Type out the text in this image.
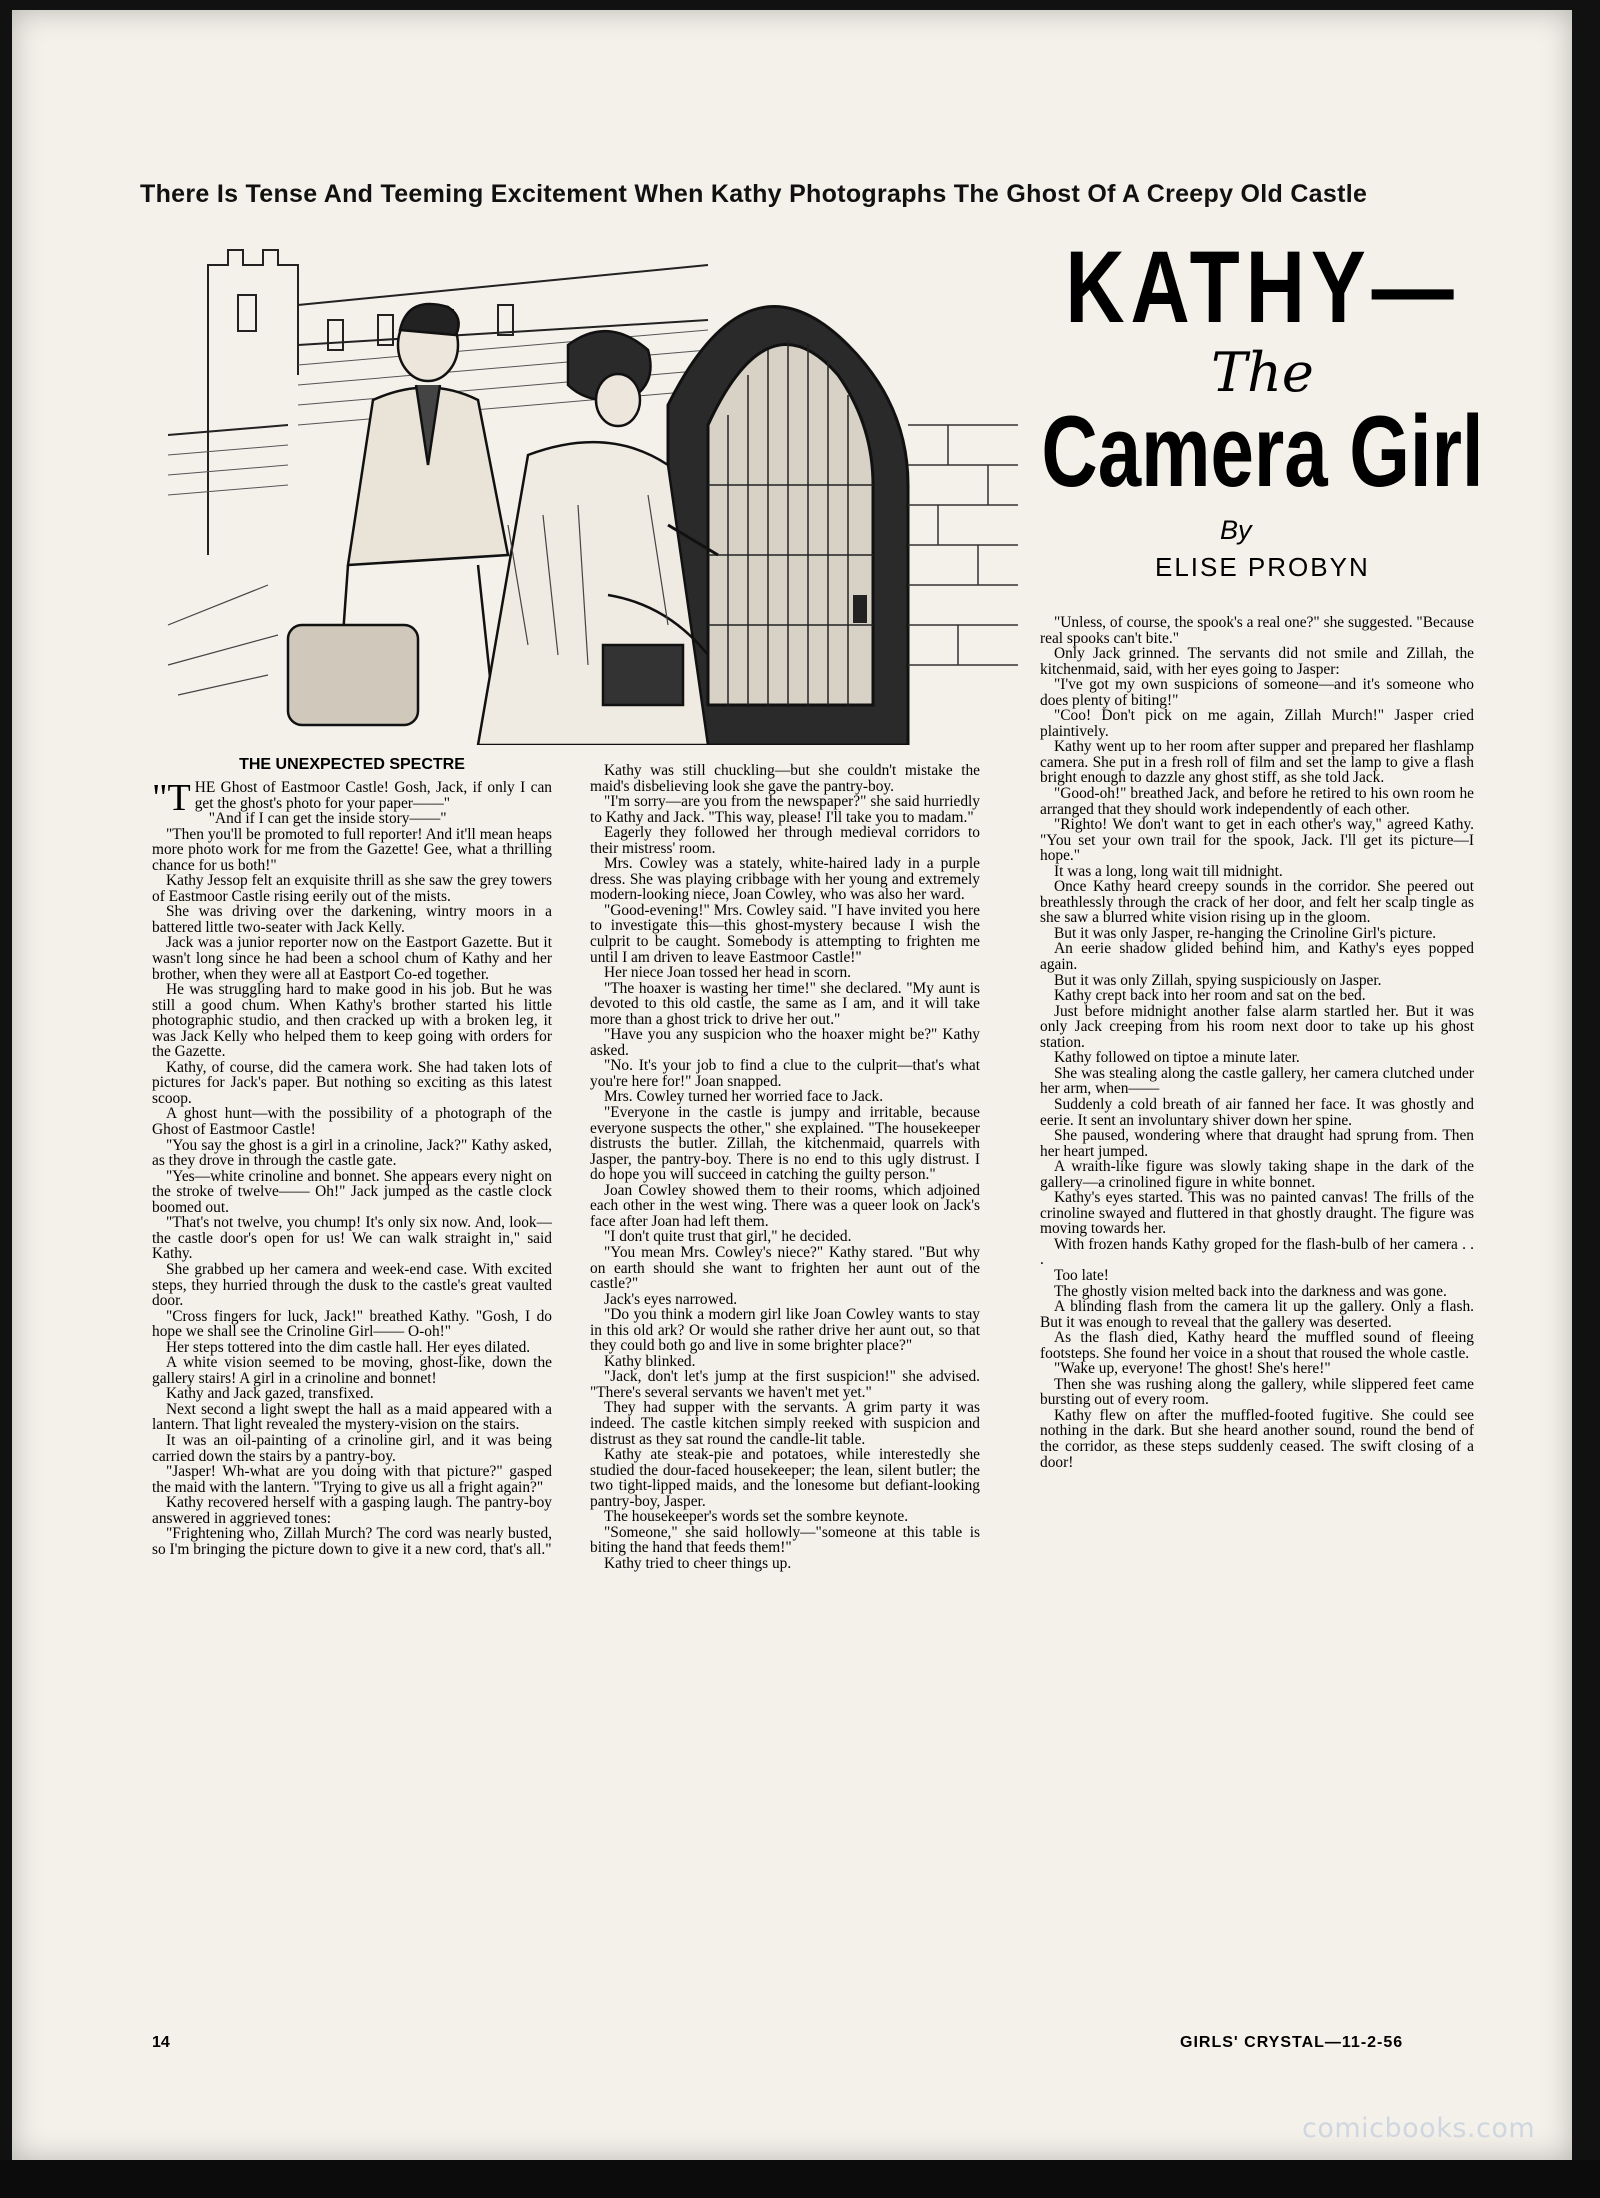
There Is Tense And Teeming Excitement When Kathy Photographs The Ghost Of A Creepy Old Castle
KATHY—
The
Camera Girl
By
ELISE PROBYN
THE UNEXPECTED SPECTRE

"THE Ghost of Eastmoor Castle! Gosh, Jack, if only I can get the ghost's photo for your paper——"

"And if I can get the inside story——"

"Then you'll be promoted to full reporter! And it'll mean heaps more photo work for me from the Gazette! Gee, what a thrilling chance for us both!"

Kathy Jessop felt an exquisite thrill as she saw the grey towers of Eastmoor Castle rising eerily out of the mists.

She was driving over the darkening, wintry moors in a battered little two-seater with Jack Kelly.

Jack was a junior reporter now on the Eastport Gazette. But it wasn't long since he had been a school chum of Kathy and her brother, when they were all at Eastport Co-ed together.

He was struggling hard to make good in his job. But he was still a good chum. When Kathy's brother started his little photographic studio, and then cracked up with a broken leg, it was Jack Kelly who helped them to keep going with orders for the Gazette.

Kathy, of course, did the camera work. She had taken lots of pictures for Jack's paper. But nothing so exciting as this latest scoop.

A ghost hunt—with the possibility of a photograph of the Ghost of Eastmoor Castle!

"You say the ghost is a girl in a crinoline, Jack?" Kathy asked, as they drove in through the castle gate.

"Yes—white crinoline and bonnet. She appears every night on the stroke of twelve—— Oh!" Jack jumped as the castle clock boomed out.

"That's not twelve, you chump! It's only six now. And, look—the castle door's open for us! We can walk straight in," said Kathy.

She grabbed up her camera and week-end case. With excited steps, they hurried through the dusk to the castle's great vaulted door.

"Cross fingers for luck, Jack!" breathed Kathy. "Gosh, I do hope we shall see the Crinoline Girl—— O-oh!"

Her steps tottered into the dim castle hall. Her eyes dilated.

A white vision seemed to be moving, ghost-like, down the gallery stairs! A girl in a crinoline and bonnet!

Kathy and Jack gazed, transfixed.

Next second a light swept the hall as a maid appeared with a lantern. That light revealed the mystery-vision on the stairs.

It was an oil-painting of a crinoline girl, and it was being carried down the stairs by a pantry-boy.

"Jasper! Wh-what are you doing with that picture?" gasped the maid with the lantern. "Trying to give us all a fright again?"

Kathy recovered herself with a gasping laugh. The pantry-boy answered in aggrieved tones:

"Frightening who, Zillah Murch? The cord was nearly busted, so I'm bringing the picture down to give it a new cord, that's all."

Kathy was still chuckling—but she couldn't mistake the maid's disbelieving look she gave the pantry-boy.

"I'm sorry—are you from the newspaper?" she said hurriedly to Kathy and Jack. "This way, please! I'll take you to madam."

Eagerly they followed her through medieval corridors to their mistress' room.

Mrs. Cowley was a stately, white-haired lady in a purple dress. She was playing cribbage with her young and extremely modern-looking niece, Joan Cowley, who was also her ward.

"Good-evening!" Mrs. Cowley said. "I have invited you here to investigate this—this ghost-mystery because I wish the culprit to be caught. Somebody is attempting to frighten me until I am driven to leave Eastmoor Castle!"

Her niece Joan tossed her head in scorn.

"The hoaxer is wasting her time!" she declared. "My aunt is devoted to this old castle, the same as I am, and it will take more than a ghost trick to drive her out."

"Have you any suspicion who the hoaxer might be?" Kathy asked.

"No. It's your job to find a clue to the culprit—that's what you're here for!" Joan snapped.

Mrs. Cowley turned her worried face to Jack.

"Everyone in the castle is jumpy and irritable, because everyone suspects the other," she explained. "The housekeeper distrusts the butler. Zillah, the kitchenmaid, quarrels with Jasper, the pantry-boy. There is no end to this ugly distrust. I do hope you will succeed in catching the guilty person."

Joan Cowley showed them to their rooms, which adjoined each other in the west wing. There was a queer look on Jack's face after Joan had left them.

"I don't quite trust that girl," he decided.

"You mean Mrs. Cowley's niece?" Kathy stared. "But why on earth should she want to frighten her aunt out of the castle?"

Jack's eyes narrowed.

"Do you think a modern girl like Joan Cowley wants to stay in this old ark? Or would she rather drive her aunt out, so that they could both go and live in some brighter place?"

Kathy blinked.

"Jack, don't let's jump at the first suspicion!" she advised. "There's several servants we haven't met yet."

They had supper with the servants. A grim party it was indeed. The castle kitchen simply reeked with suspicion and distrust as they sat round the candle-lit table.

Kathy ate steak-pie and potatoes, while interestedly she studied the dour-faced housekeeper; the lean, silent butler; the two tight-lipped maids, and the lonesome but defiant-looking pantry-boy, Jasper.

The housekeeper's words set the sombre keynote.

"Someone," she said hollowly—"someone at this table is biting the hand that feeds them!"

Kathy tried to cheer things up.

"Unless, of course, the spook's a real one?" she suggested. "Because real spooks can't bite."

Only Jack grinned. The servants did not smile and Zillah, the kitchenmaid, said, with her eyes going to Jasper:

"I've got my own suspicions of someone—and it's someone who does plenty of biting!"

"Coo! Don't pick on me again, Zillah Murch!" Jasper cried plaintively.

Kathy went up to her room after supper and prepared her flashlamp camera. She put in a fresh roll of film and set the lamp to give a flash bright enough to dazzle any ghost stiff, as she told Jack.

"Good-oh!" breathed Jack, and before he retired to his own room he arranged that they should work independently of each other.

"Righto! We don't want to get in each other's way," agreed Kathy. "You set your own trail for the spook, Jack. I'll get its picture—I hope."

It was a long, long wait till midnight.

Once Kathy heard creepy sounds in the corridor. She peered out breathlessly through the crack of her door, and felt her scalp tingle as she saw a blurred white vision rising up in the gloom.

But it was only Jasper, re-hanging the Crinoline Girl's picture.

An eerie shadow glided behind him, and Kathy's eyes popped again.

But it was only Zillah, spying suspiciously on Jasper.

Kathy crept back into her room and sat on the bed.

Just before midnight another false alarm startled her. But it was only Jack creeping from his room next door to take up his ghost station.

Kathy followed on tiptoe a minute later.

She was stealing along the castle gallery, her camera clutched under her arm, when——

Suddenly a cold breath of air fanned her face. It was ghostly and eerie. It sent an involuntary shiver down her spine.

She paused, wondering where that draught had sprung from. Then her heart jumped.

A wraith-like figure was slowly taking shape in the dark of the gallery—a crinolined figure in white bonnet.

Kathy's eyes started. This was no painted canvas! The frills of the crinoline swayed and fluttered in that ghostly draught. The figure was moving towards her.

With frozen hands Kathy groped for the flash-bulb of her camera . . .

Too late!

The ghostly vision melted back into the darkness and was gone.

A blinding flash from the camera lit up the gallery. Only a flash. But it was enough to reveal that the gallery was deserted.

As the flash died, Kathy heard the muffled sound of fleeing footsteps. She found her voice in a shout that roused the whole castle.

"Wake up, everyone! The ghost! She's here!"

Then she was rushing along the gallery, while slippered feet came bursting out of every room.

Kathy flew on after the muffled-footed fugitive. She could see nothing in the dark. But she heard another sound, round the bend of the corridor, as these steps suddenly ceased. The swift closing of a door!

14	GIRLS' CRYSTAL—11-2-56
comicbooks.com
